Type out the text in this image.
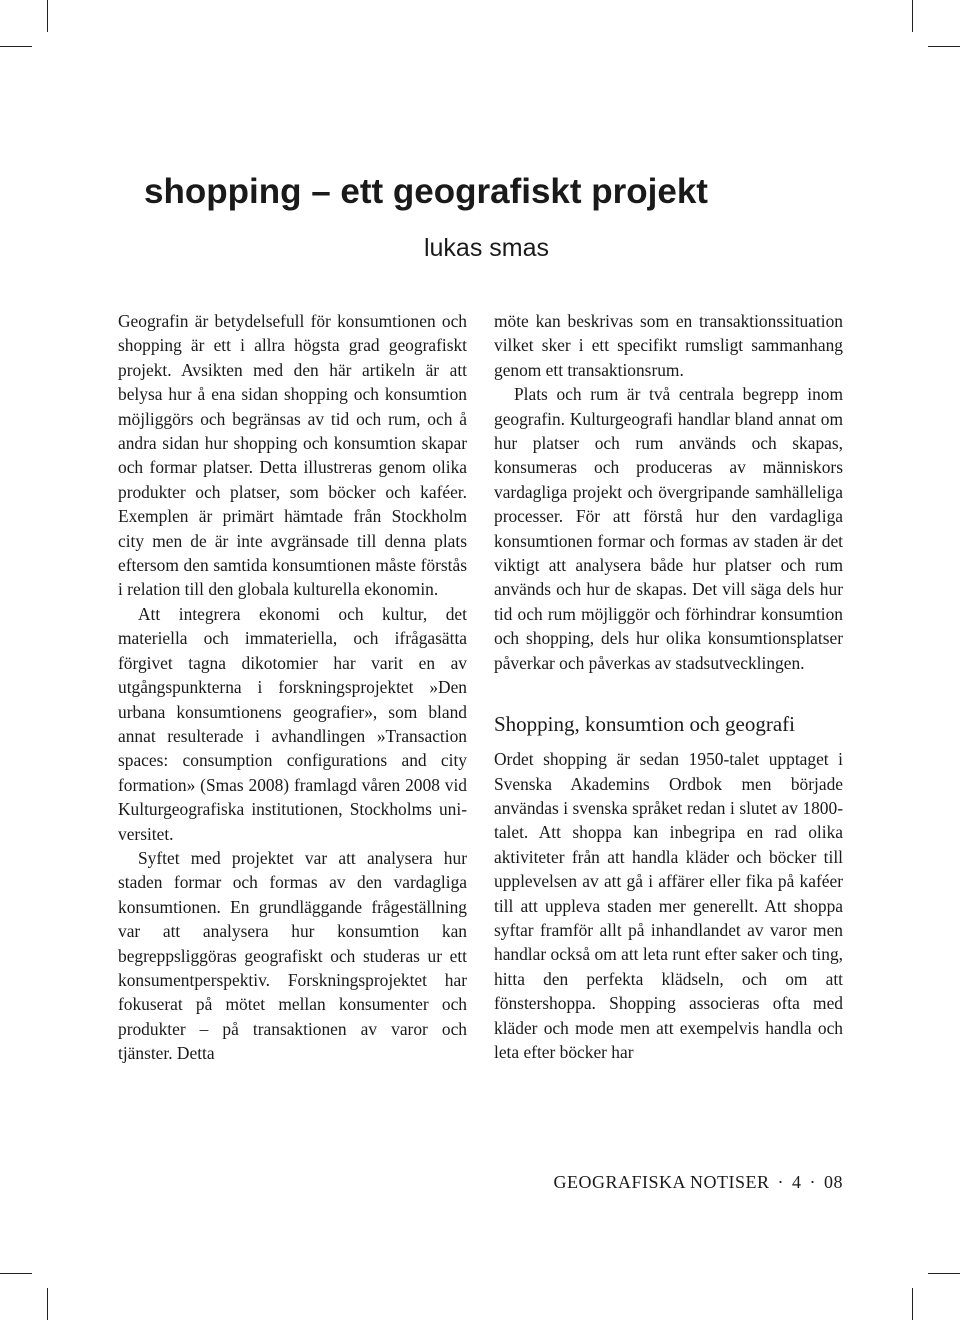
shopping – ett geografiskt projekt
lukas smas

Geografin är betydelsefull för konsumtionen och shopping är ett i allra högsta grad geografiskt projekt. Avsikten med den här artikeln är att belysa hur å ena sidan shopping och konsumtion möjliggörs och begränsas av tid och rum, och å andra sidan hur shopping och konsumtion skapar och formar platser. Detta illustreras genom olika produkter och platser, som böcker och kaféer. Exemplen är primärt hämtade från Stockholm city men de är inte avgränsade till denna plats eftersom den samtida konsumtionen måste förstås i relation till den globala kulturella ekonomin.

Att integrera ekonomi och kultur, det materiella och immateriella, och ifrågasätta förgivet tagna dikotomier har varit en av utgångspunkterna i forskningsprojektet »Den urbana konsumtionens geografier», som bland annat resulterade i avhandlingen »Transaction spaces: consumption configurations and city formation» (Smas 2008) framlagd våren 2008 vid Kulturgeografiska institutionen, Stockholms universitet.

Syftet med projektet var att analysera hur staden formar och formas av den vardagliga konsumtionen. En grundläggande frågeställning var att analysera hur konsumtion kan begreppsliggöras geografiskt och studeras ur ett konsumentperspektiv. Forskningsprojektet har fokuserat på mötet mellan konsumenter och produkter – på transaktionen av varor och tjänster. Detta

möte kan beskrivas som en transaktionssituation vilket sker i ett specifikt rumsligt sammanhang genom ett transaktionsrum.

Plats och rum är två centrala begrepp inom geografin. Kulturgeografi handlar bland annat om hur platser och rum används och skapas, konsumeras och produceras av människors vardagliga projekt och övergripande samhälleliga processer. För att förstå hur den vardagliga konsumtionen formar och formas av staden är det viktigt att analysera både hur platser och rum används och hur de skapas. Det vill säga dels hur tid och rum möjliggör och förhindrar konsumtion och shopping, dels hur olika konsumtionsplatser påverkar och påverkas av stadsutvecklingen.

Shopping, konsumtion och geografi

Ordet shopping är sedan 1950-talet upptaget i Svenska Akademins Ordbok men började användas i svenska språket redan i slutet av 1800-talet. Att shoppa kan inbegripa en rad olika aktiviteter från att handla kläder och böcker till upplevelsen av att gå i affärer eller fika på kaféer till att uppleva staden mer generellt. Att shoppa syftar framför allt på inhandlandet av varor men handlar också om att leta runt efter saker och ting, hitta den perfekta klädseln, och om att fönstershoppa. Shopping associeras ofta med kläder och mode men att exempelvis handla och leta efter böcker har

GEOGRAFISKA NOTISER · 4 · 08
